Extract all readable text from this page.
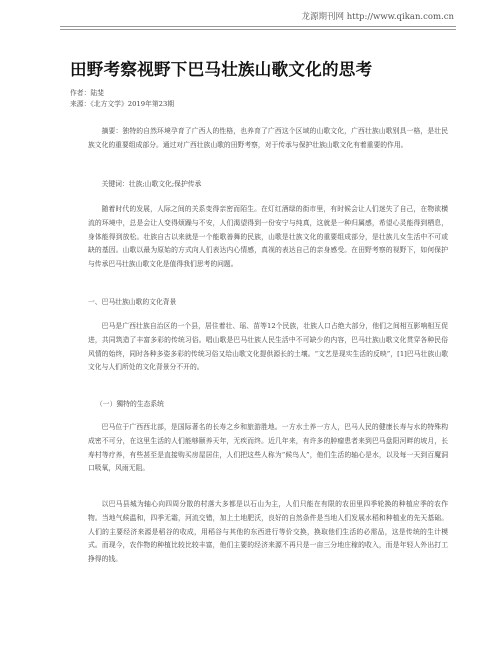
龙源期刊网 http://www.qikan.com.cn
田野考察视野下巴马壮族山歌文化的思考
作者：陆斐
来源：《北方文学》2019年第23期

摘要：独特的自然环境孕育了广西人的性格，也养育了广西这个区域的山歌文化，广西壮族山歌别具一格，是壮民族文化的重要组成部分。通过对广西壮族山歌的田野考察，对于传承与保护壮族山歌文化有着重要的作用。

关键词：壮族;山歌文化;保护传承

随着时代的发展，人际之间的关系变得亲密而陌生。在灯红酒绿的街市里，有时候会让人们迷失了自己，在物欲横流的环境中，总是会让人变得烦躁与不安，人们渴望得到一份安宁与纯真，这就是一种归属感，希望心灵能得到栖息，身体能得到放松。壮族自古以来就是一个能歌善舞的民族，山歌是壮族文化的重要组成部分，是壮族儿女生活中不可或缺的基因。山歌以最为原始的方式向人们表达内心情感，真视的表达自己的亲身感受。在田野考察的视野下，如何保护与传承巴马壮族山歌文化是值得我们思考的问题。

一、巴马壮族山歌的文化背景

巴马是广西壮族自治区的一个县，居住着壮、瑶、苗等12个民族，壮族人口占绝大部分，他们之间相互影响相互促进，共同筑造了丰富多彩的传统习俗。唱山歌是巴马壮族人民生活中不可缺少的内容，巴马壮族山歌文化贯穿各种民俗风情的始终，同时各种多姿多彩的传统习俗又给山歌文化提供源长的土壤。“文艺是现实生活的反映”，[1]巴马壮族山歌文化与人们所处的文化背景分不开的。

（一）獨特的生态系统

巴马位于广西西北部，是国际著名的长寿之乡和旅游胜地。一方水土养一方人，巴马人民的健康长寿与水的特殊构成密不可分，在这里生活的人们能够颐养天年，无疾而终。近几年来，有许多的肿瘤患者来到巴马盘阳河畔的坡月，长寿村等疗养，有些甚至是直接购买房屋居住，人们把这些人称为“候鸟人”，他们生活的轴心是水，以及每一天到百魔洞口吸氧，风雨无阻。

以巴马县城为轴心向四周分散的村落大多都是以石山为主，人们只能在有限的农田里四季轮换的种植应季的农作物。当地气候温和，四季无霜，河流交错，加上土地肥沃，良好的自然条件是当地人们发展水稻和种植业的先天基础。人们的主要经济来源是稻谷的收成，用稻谷与其他的东西进行等价交换，换取他们生活的必需品，这是传统的生计模式。而现今，农作物的种植比较比较丰富，他们主要的经济来源不再只是一亩三分地庄稼的收入，而是年轻人外出打工挣得的钱。
